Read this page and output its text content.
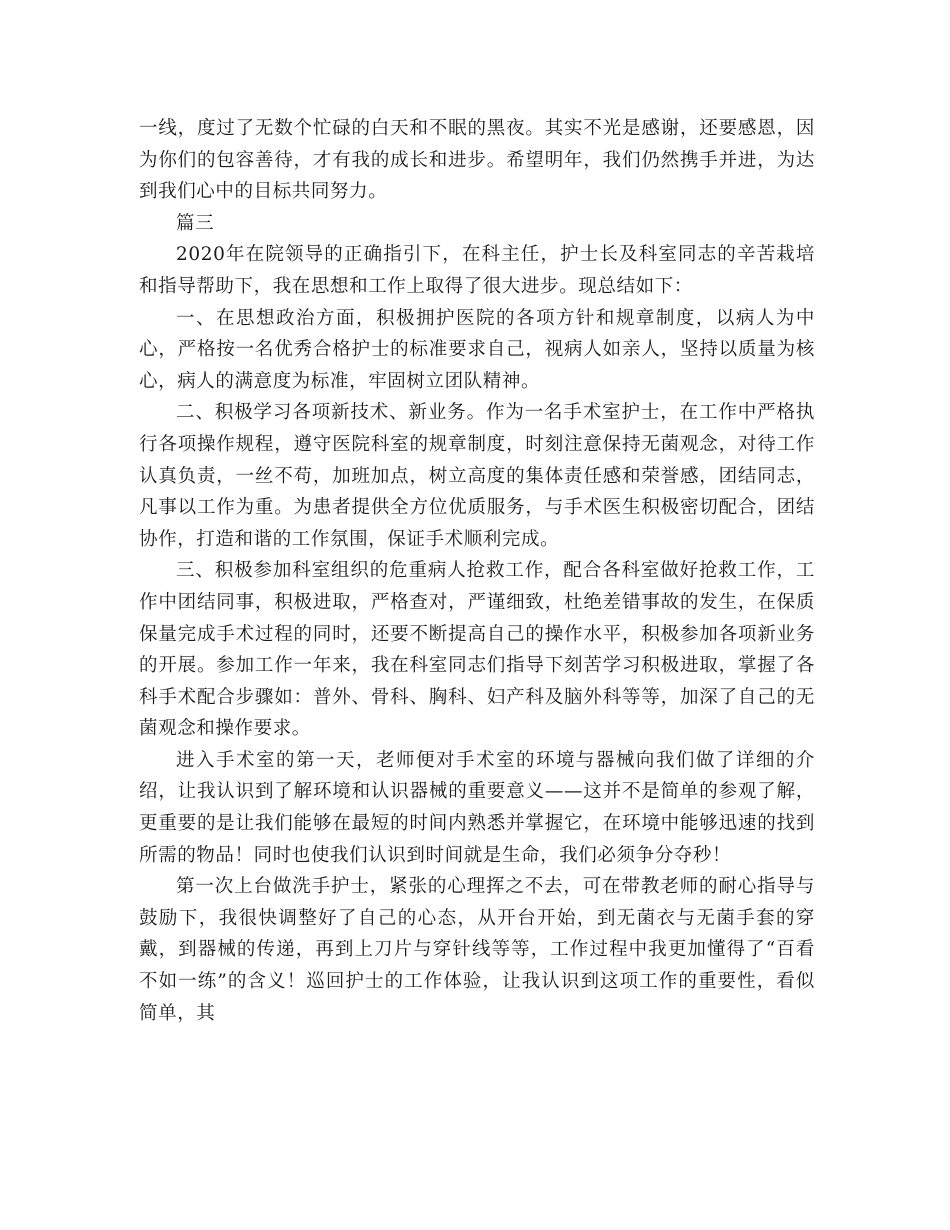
一线，度过了无数个忙碌的白天和不眠的黑夜。其实不光是感谢，还要感恩，因为你们的包容善待，才有我的成长和进步。希望明年，我们仍然携手并进，为达到我们心中的目标共同努力。

篇三

2020年在院领导的正确指引下，在科主任，护士长及科室同志的辛苦栽培和指导帮助下，我在思想和工作上取得了很大进步。现总结如下：

一、在思想政治方面，积极拥护医院的各项方针和规章制度，以病人为中心，严格按一名优秀合格护士的标准要求自己，视病人如亲人，坚持以质量为核心，病人的满意度为标准，牢固树立团队精神。

二、积极学习各项新技术、新业务。作为一名手术室护士，在工作中严格执行各项操作规程，遵守医院科室的规章制度，时刻注意保持无菌观念，对待工作认真负责，一丝不苟，加班加点，树立高度的集体责任感和荣誉感，团结同志，凡事以工作为重。为患者提供全方位优质服务，与手术医生积极密切配合，团结协作，打造和谐的工作氛围，保证手术顺利完成。

三、积极参加科室组织的危重病人抢救工作，配合各科室做好抢救工作，工作中团结同事，积极进取，严格查对，严谨细致，杜绝差错事故的发生，在保质保量完成手术过程的同时，还要不断提高自己的操作水平，积极参加各项新业务的开展。参加工作一年来，我在科室同志们指导下刻苦学习积极进取，掌握了各科手术配合步骤如：普外、骨科、胸科、妇产科及脑外科等等，加深了自己的无菌观念和操作要求。

进入手术室的第一天，老师便对手术室的环境与器械向我们做了详细的介绍，让我认识到了解环境和认识器械的重要意义——这并不是简单的参观了解，更重要的是让我们能够在最短的时间内熟悉并掌握它，在环境中能够迅速的找到所需的物品！同时也使我们认识到时间就是生命，我们必须争分夺秒！

第一次上台做洗手护士，紧张的心理挥之不去，可在带教老师的耐心指导与鼓励下，我很快调整好了自己的心态，从开台开始，到无菌衣与无菌手套的穿戴，到器械的传递，再到上刀片与穿针线等等，工作过程中我更加懂得了“百看不如一练”的含义！巡回护士的工作体验，让我认识到这项工作的重要性，看似简单，其
